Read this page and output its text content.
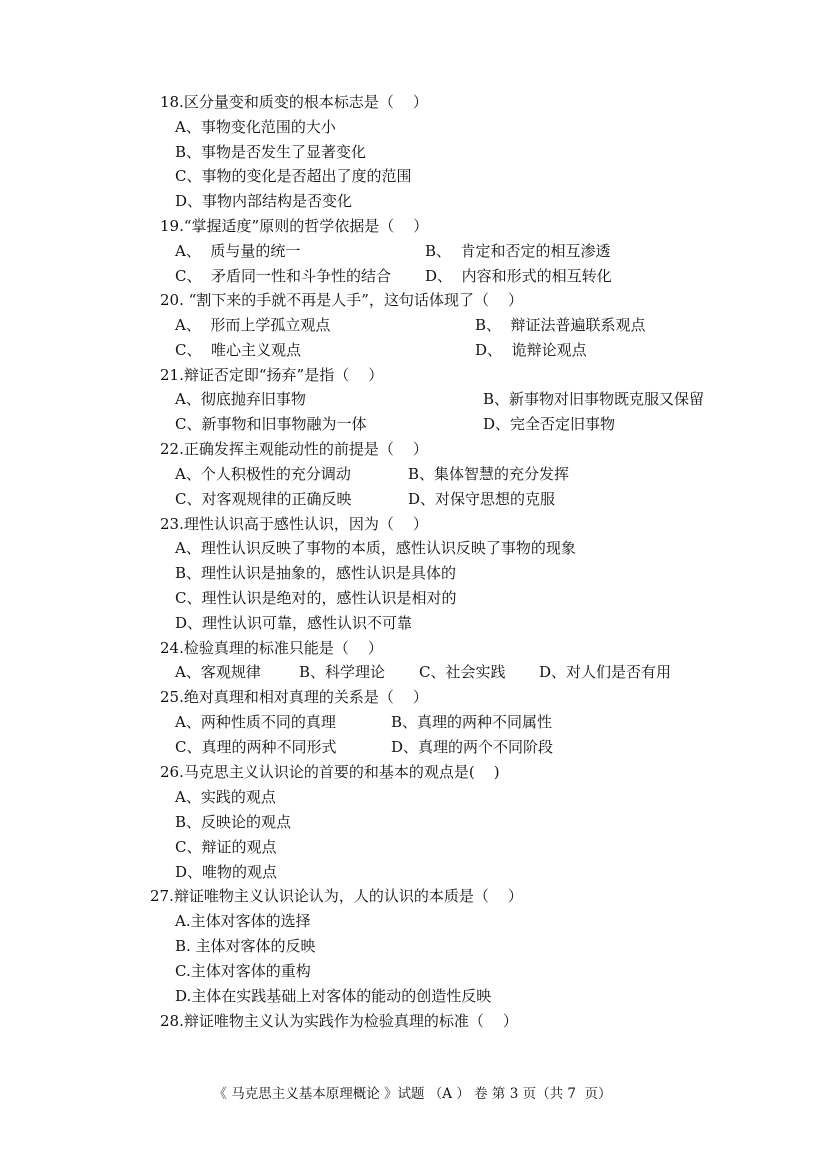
18.区分量变和质变的根本标志是（    ）
A、事物变化范围的大小
B、事物是否发生了显著变化
C、事物的变化是否超出了度的范围
D、事物内部结构是否变化
19.“掌握适度”原则的哲学依据是（    ）
A、  质与量的统一	B、  肯定和否定的相互渗透
C、  矛盾同一性和斗争性的结合 D、  内容和形式的相互转化
20. “割下来的手就不再是人手”，这句话体现了（    ）
A、  形而上学孤立观点	B、  辩证法普遍联系观点
C、  唯心主义观点	D、  诡辩论观点
21.辩证否定即“扬弃”是指（    ）
A、彻底抛弃旧事物	B、新事物对旧事物既克服又保留
C、新事物和旧事物融为一体	D、完全否定旧事物
22.正确发挥主观能动性的前提是（    ）
A、个人积极性的充分调动	B、集体智慧的充分发挥
C、对客观规律的正确反映	D、对保守思想的克服
23.理性认识高于感性认识，因为（    ）
A、理性认识反映了事物的本质，感性认识反映了事物的现象
B、理性认识是抽象的，感性认识是具体的
C、理性认识是绝对的，感性认识是相对的
D、理性认识可靠，感性认识不可靠
24.检验真理的标准只能是（    ）
A、客观规律	B、科学理论 C、社会实践 D、对人们是否有用
25.绝对真理和相对真理的关系是（    ）
A、两种性质不同的真理	B、真理的两种不同属性
C、真理的两种不同形式	D、真理的两个不同阶段
26.马克思主义认识论的首要的和基本的观点是(    )
A、实践的观点
B、反映论的观点
C、辩证的观点
D、唯物的观点
27.辩证唯物主义认识论认为，人的认识的本质是（    ）
A.主体对客体的选择
B. 主体对客体的反映
C.主体对客体的重构
D.主体在实践基础上对客体的能动的创造性反映
28.辩证唯物主义认为实践作为检验真理的标准（    ）
《 马克思主义基本原理概论 》试题 （A ） 卷 第 3 页（共 7  页）
